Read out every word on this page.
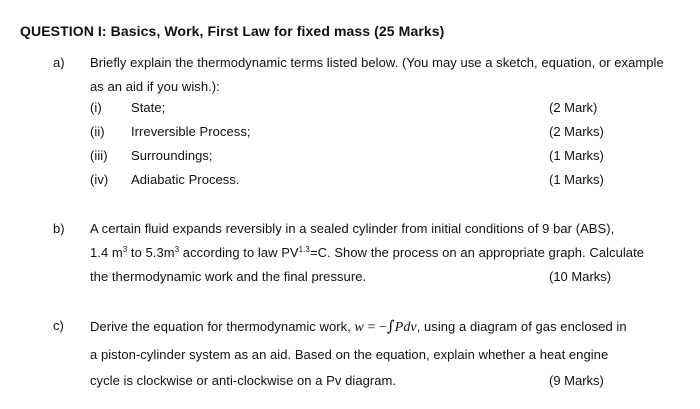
QUESTION I: Basics, Work, First Law for fixed mass (25 Marks)
a) Briefly explain the thermodynamic terms listed below. (You may use a sketch, equation, or example
as an aid if you wish.):
(i) State;	(2 Mark)
(ii) Irreversible Process;	(2 Marks)
(iii) Surroundings;	(1 Marks)
(iv) Adiabatic Process.	(1 Marks)
b) A certain fluid expands reversibly in a sealed cylinder from initial conditions of 9 bar (ABS),
1.4 $m^3$ to $5.3m^3$ according to law $PV^{1.3}=C$. Show the process on an appropriate graph. Calculate
the thermodynamic work and the final pressure.	(10 Marks)
c) Derive the equation for thermodynamic work, w = −∫Pdv, using a diagram of gas enclosed in
a piston-cylinder system as an aid. Based on the equation, explain whether a heat engine
cycle is clockwise or anti-clockwise on a Pv diagram.	(9 Marks)
